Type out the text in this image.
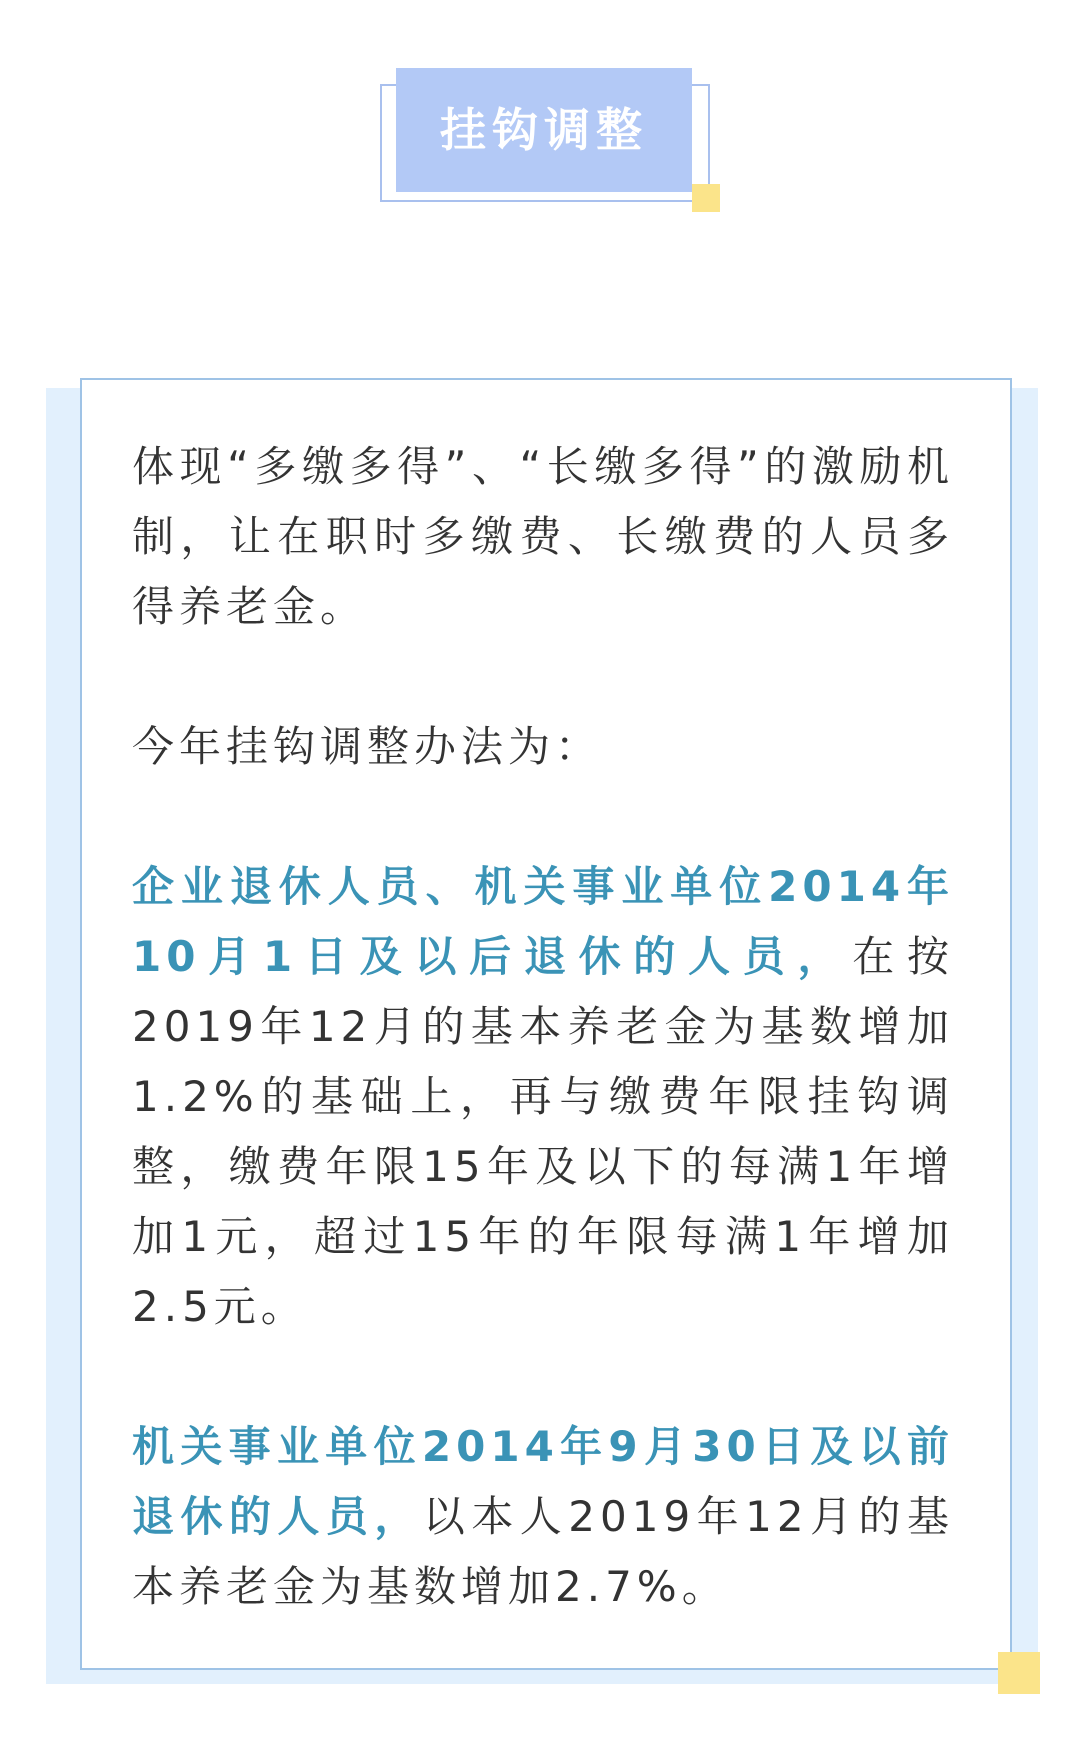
挂钩调整

体现“多缴多得”、“长缴多得”的激励机制，让在职时多缴费、长缴费的人员多得养老金。

今年挂钩调整办法为：

企业退休人员、机关事业单位2014年10月1日及以后退休的人员，在按2019年12月的基本养老金为基数增加1.2%的基础上，再与缴费年限挂钩调整，缴费年限15年及以下的每满1年增加1元，超过15年的年限每满1年增加2.5元。

机关事业单位2014年9月30日及以前退休的人员，以本人2019年12月的基本养老金为基数增加2.7%。
